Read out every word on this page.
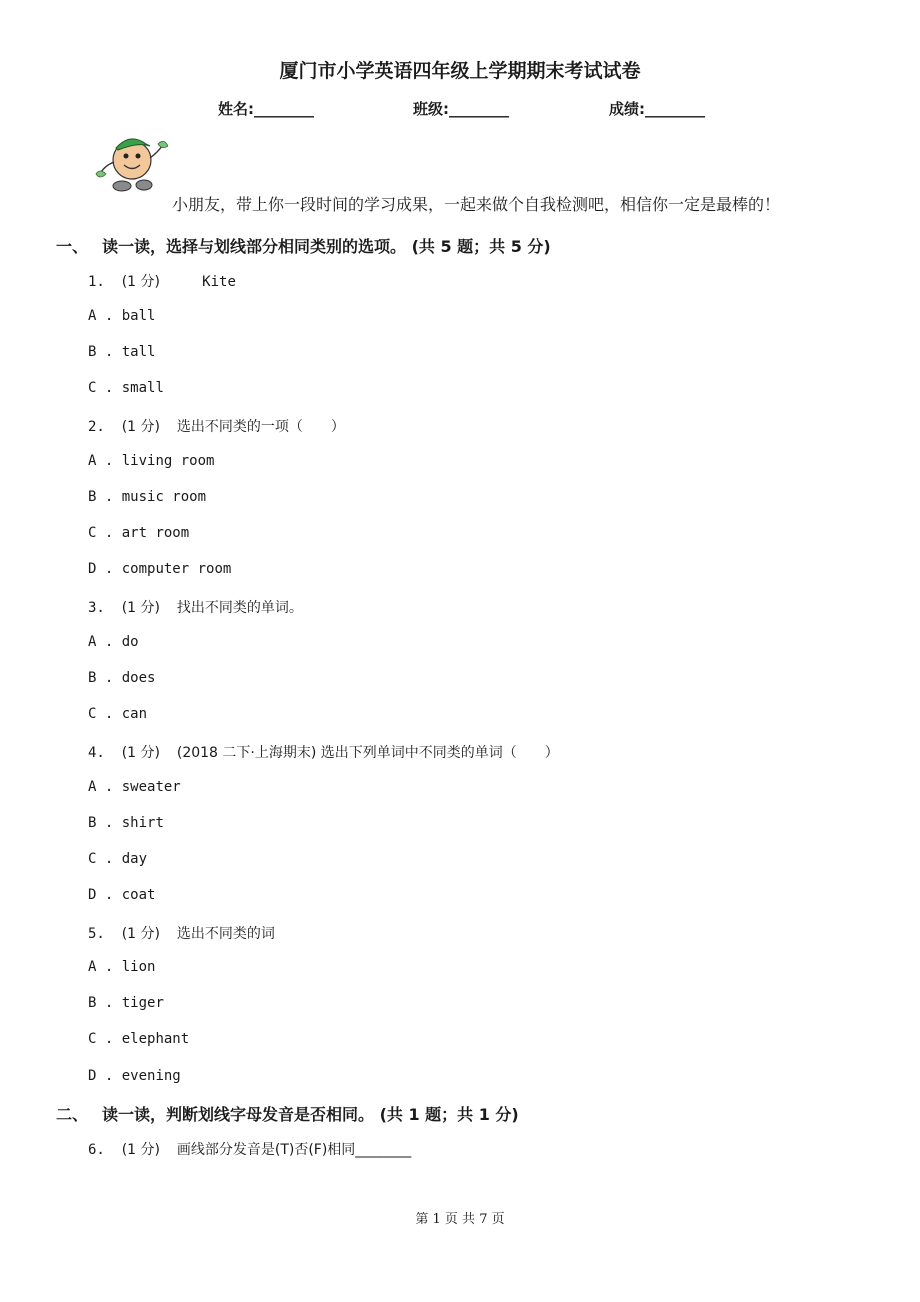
厦门市小学英语四年级上学期期末考试试卷
姓名:________	班级:________	成绩:________
小朋友，带上你一段时间的学习成果，一起来做个自我检测吧，相信你一定是最棒的！
一、 读一读，选择与划线部分相同类别的选项。 (共 5 题；共 5 分)
1. (1 分)	Kite
A . ball
B . tall
C . small
2. (1 分) 选出不同类的一项（　　）
A . living room
B . music room
C . art room
D . computer room
3. (1 分) 找出不同类的单词。
A . do
B . does
C . can
4. (1 分) (2018 二下·上海期末) 选出下列单词中不同类的单词（　　）
A . sweater
B . shirt
C . day
D . coat
5. (1 分) 选出不同类的词
A . lion
B . tiger
C . elephant
D . evening
二、 读一读，判断划线字母发音是否相同。 (共 1 题；共 1 分)
6. (1 分) 画线部分发音是(T)否(F)相同________
第 1 页 共 7 页
